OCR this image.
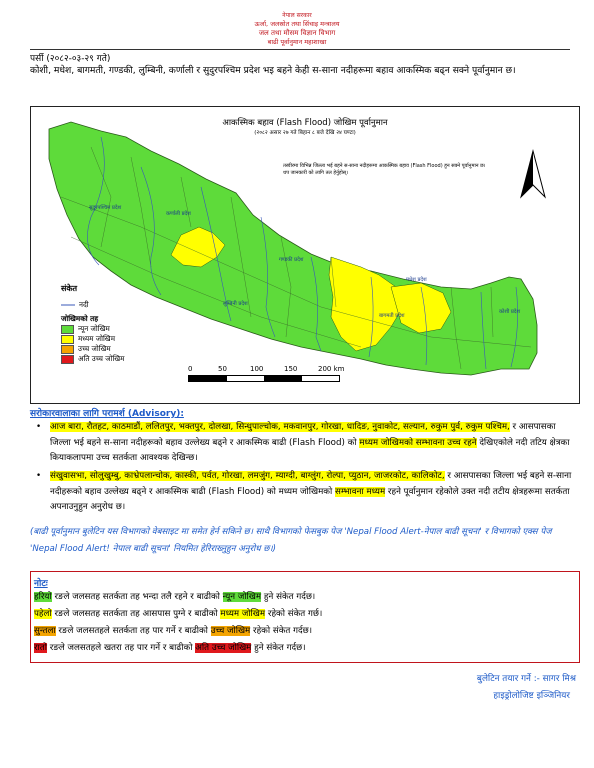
नेपाल सरकार
ऊर्जा, जलस्रोत तथा सिंचाइ मन्त्रालय
जल तथा मौसम विज्ञान विभाग
बाढी पूर्वानुमान महाशाखा
पर्सी (२०८२-०३-२९ गते)
कोशी, मधेश, बागमती, गण्डकी, लुम्बिनी, कर्णाली र सुदुरपश्चिम प्रदेश भइ बहने केही स-साना नदीहरूमा बहाव आकस्मिक बढ्न सक्ने पूर्वानुमान छ।
आकस्मिक बहाव (Flash Flood) जोखिम पूर्वानुमान
(२०८२ असार २७ गते बिहान ८ बजे देखि २४ घण्टा)
तस्वीरमा विभिन्न जिल्ला भई बहने स-साना नदीहरूमा आकस्मिक बहाव (Flash Flood) हुन सक्ने पूर्वानुमान छ। थप जानकारी को लागि तल हेर्नुहोस्।
सुदूरपश्चिम प्रदेश
कर्णाली प्रदेश
लुम्बिनी प्रदेश
गण्डकी प्रदेश
बागमती प्रदेश
मधेश प्रदेश
कोशी प्रदेश
संकेत
नदी
जोखिमको तह
न्यून जोखिम
मध्यम जोखिम
उच्च जोखिम
अति उच्च जोखिम
0	50	100	150	200 km
सरोकारवालाका लागि परामर्श (Advisory):
• आज बारा, रौतहट, काठमाडौं, ललितपुर, भक्तपुर, दोलखा, सिन्धुपाल्चोक, मकवानपुर, गोरखा, धादिङ, नुवाकोट, सल्यान, रुकुम पुर्व, रुकुम पश्चिम, र आसपासका जिल्ला भई बहने स-साना नदीहरूको बहाव उल्लेख्य बढ्ने र आकस्मिक बाढी (Flash Flood) को मध्यम जोखिमको सम्भावना उच्च रहने देखिएकोले नदी तटिय क्षेत्रका कियाकलापमा उच्च सतर्कता आवश्यक देखिन्छ।
• संखुवासभा, सोलुखुम्बु, काभ्रेपलान्चोक, कास्की, पर्वत, गोरखा, लमजुंग, म्याग्दी, बाग्लुंग, रोल्पा, प्युठान, जाजरकोट, कालिकोट, र आसपासका जिल्ला भई बहने स-साना नदीहरूको बहाव उल्लेख्य बढ्ने र आकस्मिक बाढी (Flash Flood) को मध्यम जोखिमको सम्भावना मध्यम रहने पूर्वानुमान रहेकोले उक्त नदी तटीय क्षेत्रहरूमा सतर्कता अपनाउनुहुन अनुरोध छ।
(बाढी पूर्वानुमान बुलेटिन यस विभागको वेबसाइट मा समेत हेर्न सकिने छ। साथै विभागको फेसबुक पेज 'Nepal Flood Alert-नेपाल बाढी सूचना' र विभागको एक्स पेज 'Nepal Flood Alert! नेपाल बाढी सूचना' नियमित हेरिराख्नुहुन अनुरोध छ।)
नोटः
हरियो रङले जलसतह सतर्कता तह भन्दा तलै रहने र बाढीको न्यून जोखिम हुने संकेत गर्दछ।
पहेलो रङले जलसतह सतर्कता तह आसपास पुग्ने र बाढीको मध्यम जोखिम रहेको संकेत गर्छ।
सुन्तला रङले जलसतहले सतर्कता तह पार गर्ने र बाढीको उच्च जोखिम रहेको संकेत गर्दछ।
रातो रङले जलसतहले खतरा तह पार गर्ने र बाढीको अति उच्च जोखिम हुने संकेत गर्दछ।
बुलेटिन तयार गर्ने :- सागर मिश्र
हाइड्रोलोजिष्ट इञ्जिनियर
